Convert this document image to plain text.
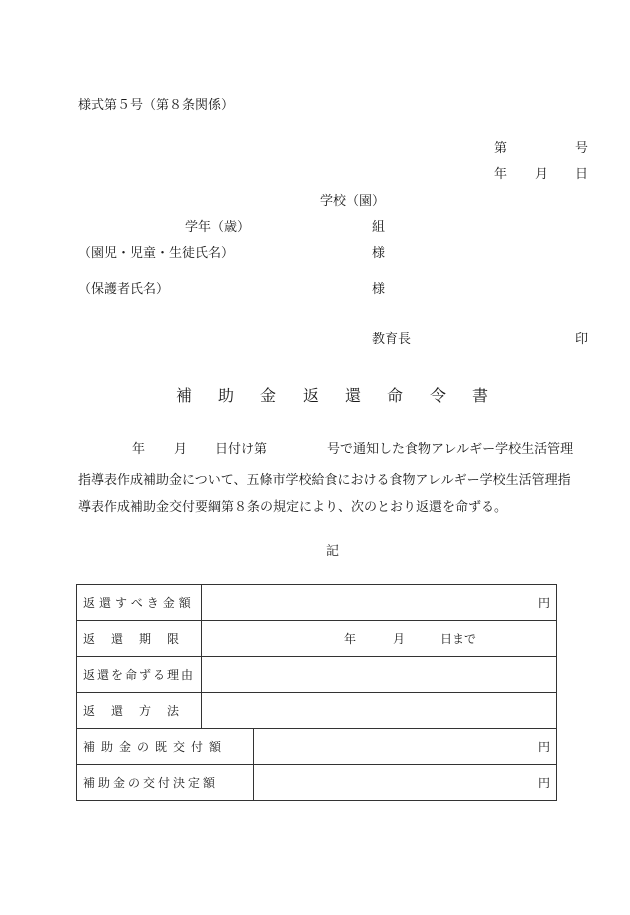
様式第５号（第８条関係）
第	号
年 月 日
学校（園）
学年（歳）	組
（園児・児童・生徒氏名）	様
（保護者氏名）	様
教育長	印
補 助 金 返 還 命 令 書
年 月 日付け第	号で通知した食物アレルギー学校生活管理
指導表作成補助金について、五條市学校給食における食物アレルギー学校生活管理指
導表作成補助金交付要綱第８条の規定により、次のとおり返還を命ずる。
記
返還すべき金額	円	
返還期限	年 月 日まで	

返還を命ずる理由		
返還方法		
補助金の既交付額		円
補助金の交付決定額		円
